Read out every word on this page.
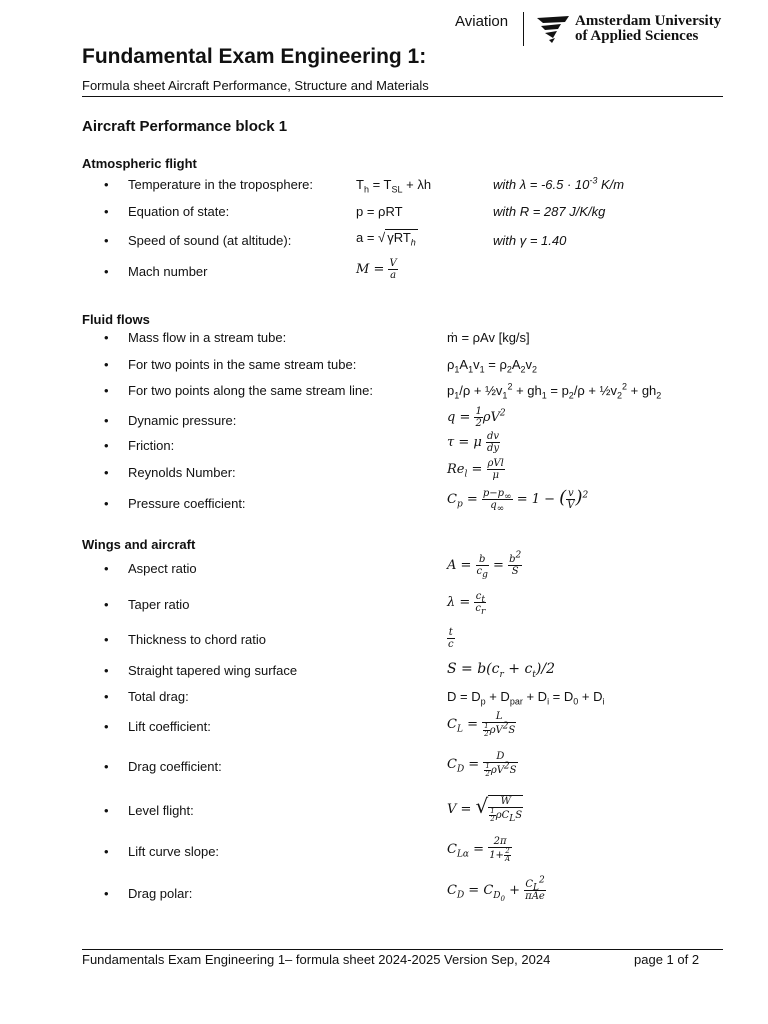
Aviation	Amsterdam University
of Applied Sciences
Fundamental Exam Engineering 1:
Formula sheet Aircraft Performance, Structure and Materials
Aircraft Performance block 1
Atmospheric flight
• Temperature in the troposphere:	$T_h = T_{SL} + \lambda h$	with $\lambda = -6.5 \cdot 10^{-3}$ K/m
• Equation of state:	p = ρRT	with R = 287 J/K/kg
• Speed of sound (at altitude):	a = √ γRT$_h$	with γ = 1.40
• Mach number	$M = \frac{V}{a}$
Fluid flows
• Mass flow in a stream tube:	ṁ = ρAv [kg/s]
• For two points in the same stream tube:	$\rho_1A_1v_1 = \rho_2A_2v_2$
• For two points along the same stream line:	$p_1/\rho$ + $\frac{1}{2}v_1^2 + gh_1 = p_2/\rho$ + $\frac{1}{2}v_2^2 + gh_2$
• Dynamic pressure:	$q = \frac{1}{2} \rho V^2$
• Friction:	τ = μ $\frac{dv}{dy}$
• Reynolds Number:	$Re_l = \frac{\text{ρVl}}{\mu}$
• Pressure coefficient:	$C_p = \frac{p-p_\infty}{q_\infty} = 1$ − ( $\frac{v}{V} )^2$
Wings and aircraft
• Aspect ratio	$A = \frac{b}{c_g} = \frac{b^2}{S}$
• Taper ratio	$\lambda = \frac{c_t}{c_r}$
• Thickness to chord ratio	$\frac{t}{c}$
• Straight tapered wing surface	$S = b(c_r + c_t)/2$
• Total drag:	$D = D_p + D_{par} + D_i = D_0 + D_i$
• Lift coefficient:	$C_L = \frac{L}{\frac{1}{2} \rho V^2S}$
• Drag coefficient:	$C_D = \frac{D}{\frac{1}{2} \rho V^2S}$
• Level flight:	V = √ $\frac{W}{\frac{1}{2} \rho C_LS}$
• Lift curve slope:	$C_{L\alpha} = \frac{2\pi}{1+ \frac{2}{A}}$
• Drag polar:	$C_D = C_{D_0} + \frac{C_L^2}{\text{πAe}}$
Fundamentals Exam Engineering 1– formula sheet 2024-2025 Version Sep, 2024	page 1 of 2
